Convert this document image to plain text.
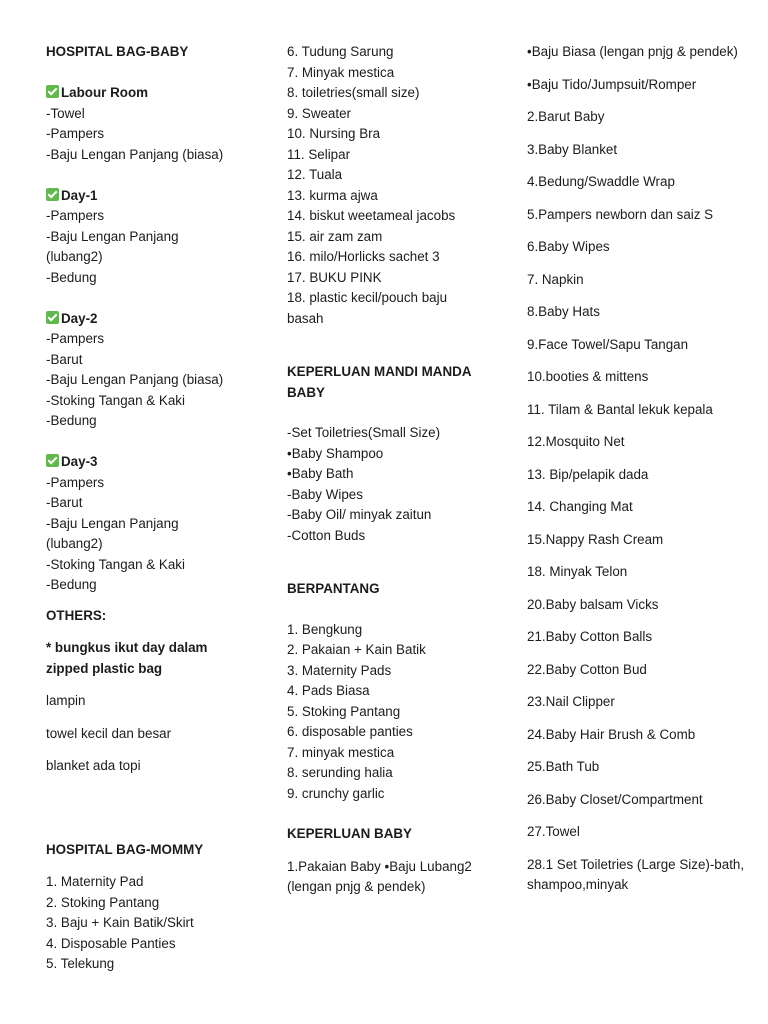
HOSPITAL BAG-BABY
Labour Room
-Towel
-Pampers
-Baju Lengan Panjang (biasa)
Day-1
-Pampers
-Baju Lengan Panjang
(lubang2)
-Bedung
Day-2
-Pampers
-Barut
-Baju Lengan Panjang (biasa)
-Stoking Tangan & Kaki
-Bedung
Day-3
-Pampers
-Barut
-Baju Lengan Panjang
(lubang2)
-Stoking Tangan & Kaki
-Bedung
OTHERS:
* bungkus ikut day dalam
zipped plastic bag
lampin
towel kecil dan besar
blanket ada topi
HOSPITAL BAG-MOMMY
1. Maternity Pad
2. Stoking Pantang
3. Baju + Kain Batik/Skirt
4. Disposable Panties
5. Telekung
6. Tudung Sarung
7. Minyak mestica
8. toiletries(small size)
9. Sweater
10. Nursing Bra
11. Selipar
12. Tuala
13. kurma ajwa
14. biskut weetameal jacobs
15. air zam zam
16. milo/Horlicks sachet 3
17. BUKU PINK
18. plastic kecil/pouch baju
basah
KEPERLUAN MANDI MANDA
BABY
-Set Toiletries(Small Size)
•Baby Shampoo
•Baby Bath
-Baby Wipes
-Baby Oil/ minyak zaitun
-Cotton Buds
BERPANTANG
1. Bengkung
2. Pakaian + Kain Batik
3. Maternity Pads
4. Pads Biasa
5. Stoking Pantang
6. disposable panties
7. minyak mestica
8. serunding halia
9. crunchy garlic
KEPERLUAN BABY
1.Pakaian Baby •Baju Lubang2
(lengan pnjg & pendek)
•Baju Biasa (lengan pnjg & pendek)
•Baju Tido/Jumpsuit/Romper
2.Barut Baby
3.Baby Blanket
4.Bedung/Swaddle Wrap
5.Pampers newborn dan saiz S
6.Baby Wipes
7. Napkin
8.Baby Hats
9.Face Towel/Sapu Tangan
10.booties & mittens
11. Tilam & Bantal lekuk kepala
12.Mosquito Net
13. Bip/pelapik dada
14. Changing Mat
15.Nappy Rash Cream
18. Minyak Telon
20.Baby balsam Vicks
21.Baby Cotton Balls
22.Baby Cotton Bud
23.Nail Clipper
24.Baby Hair Brush & Comb
25.Bath Tub
26.Baby Closet/Compartment
27.Towel
28.1 Set Toiletries (Large Size)-bath, shampoo,minyak
